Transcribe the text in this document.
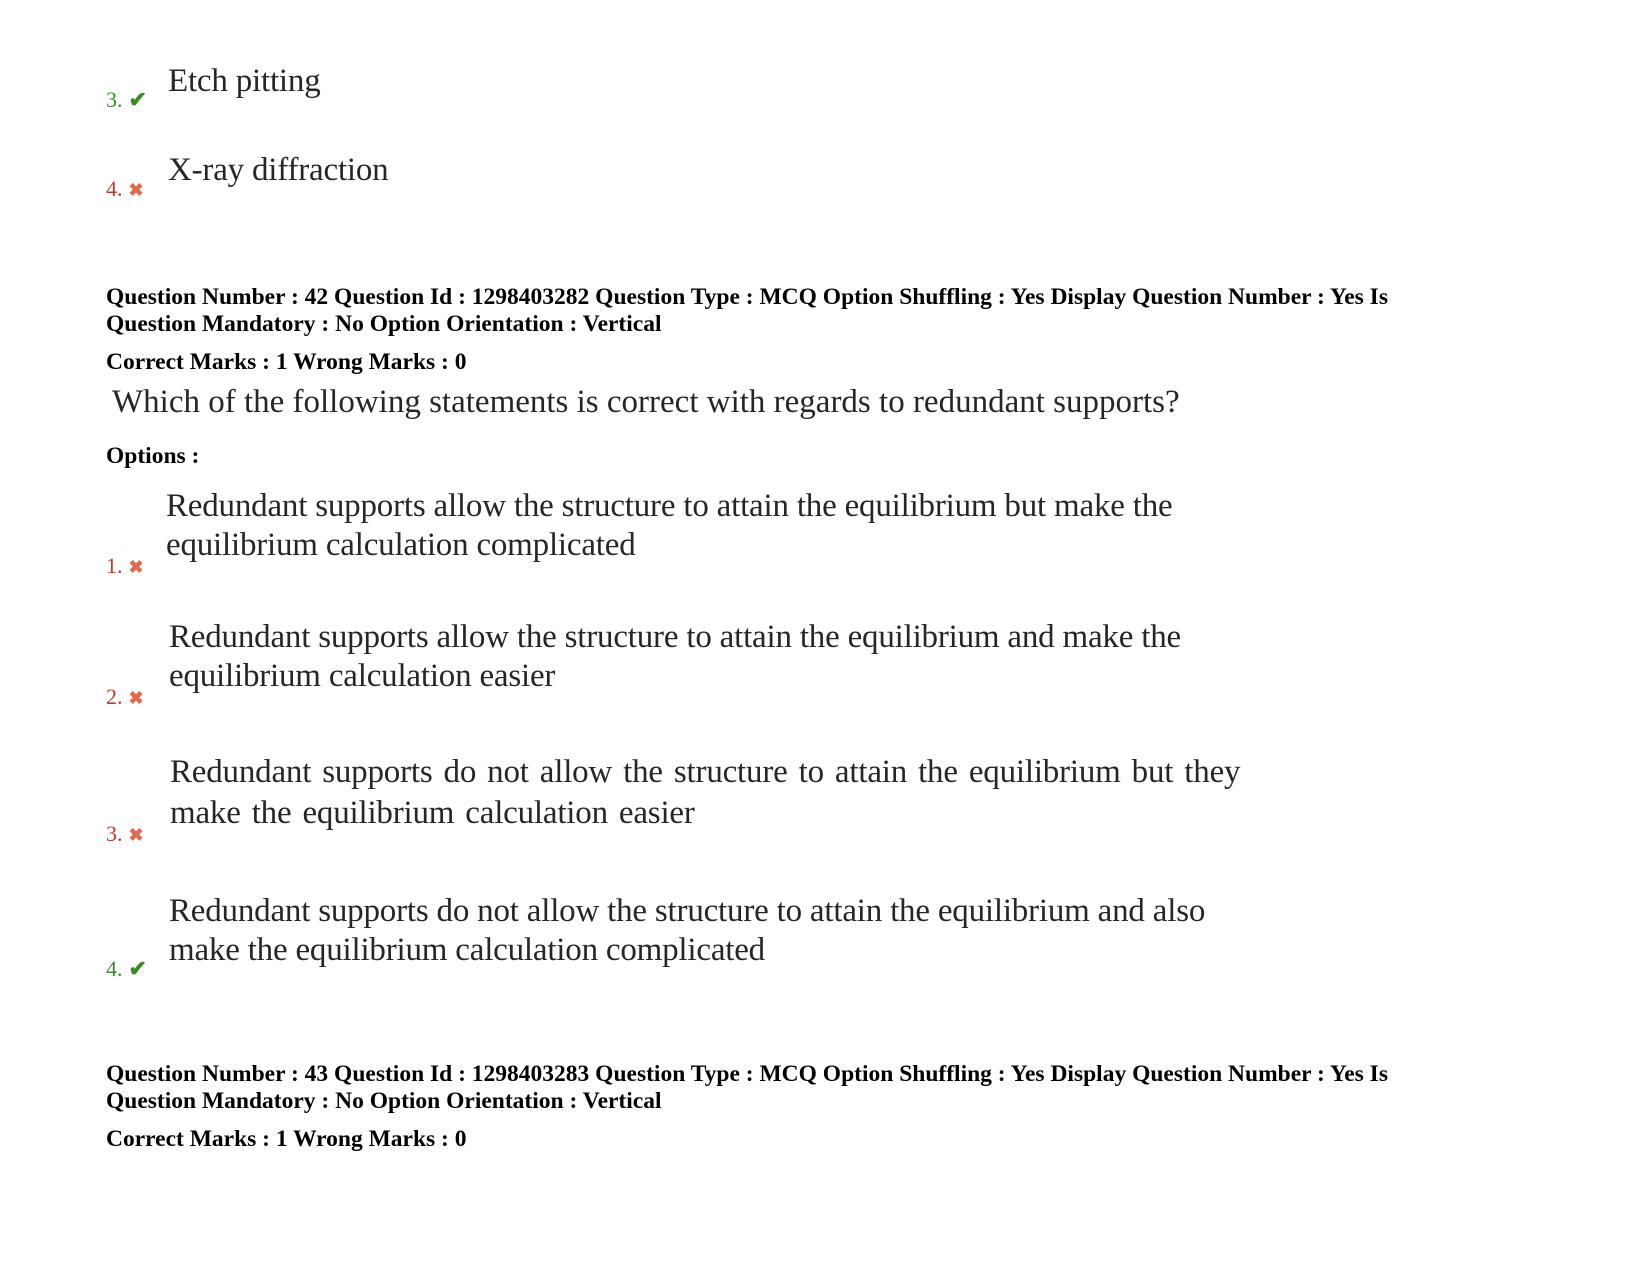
3. ✔
Etch pitting
4. ✖
X-ray diffraction
Question Number : 42 Question Id : 1298403282 Question Type : MCQ Option Shuffling : Yes Display Question Number : Yes Is
Question Mandatory : No Option Orientation : Vertical
Correct Marks : 1 Wrong Marks : 0
Which of the following statements is correct with regards to redundant supports?
Options :
1. ✖
Redundant supports allow the structure to attain the equilibrium but make the
equilibrium calculation complicated
2. ✖
Redundant supports allow the structure to attain the equilibrium and make the
equilibrium calculation easier
3. ✖
Redundant supports do not allow the structure to attain the equilibrium but they
make the equilibrium calculation easier
4. ✔
Redundant supports do not allow the structure to attain the equilibrium and also
make the equilibrium calculation complicated
Question Number : 43 Question Id : 1298403283 Question Type : MCQ Option Shuffling : Yes Display Question Number : Yes Is
Question Mandatory : No Option Orientation : Vertical
Correct Marks : 1 Wrong Marks : 0
